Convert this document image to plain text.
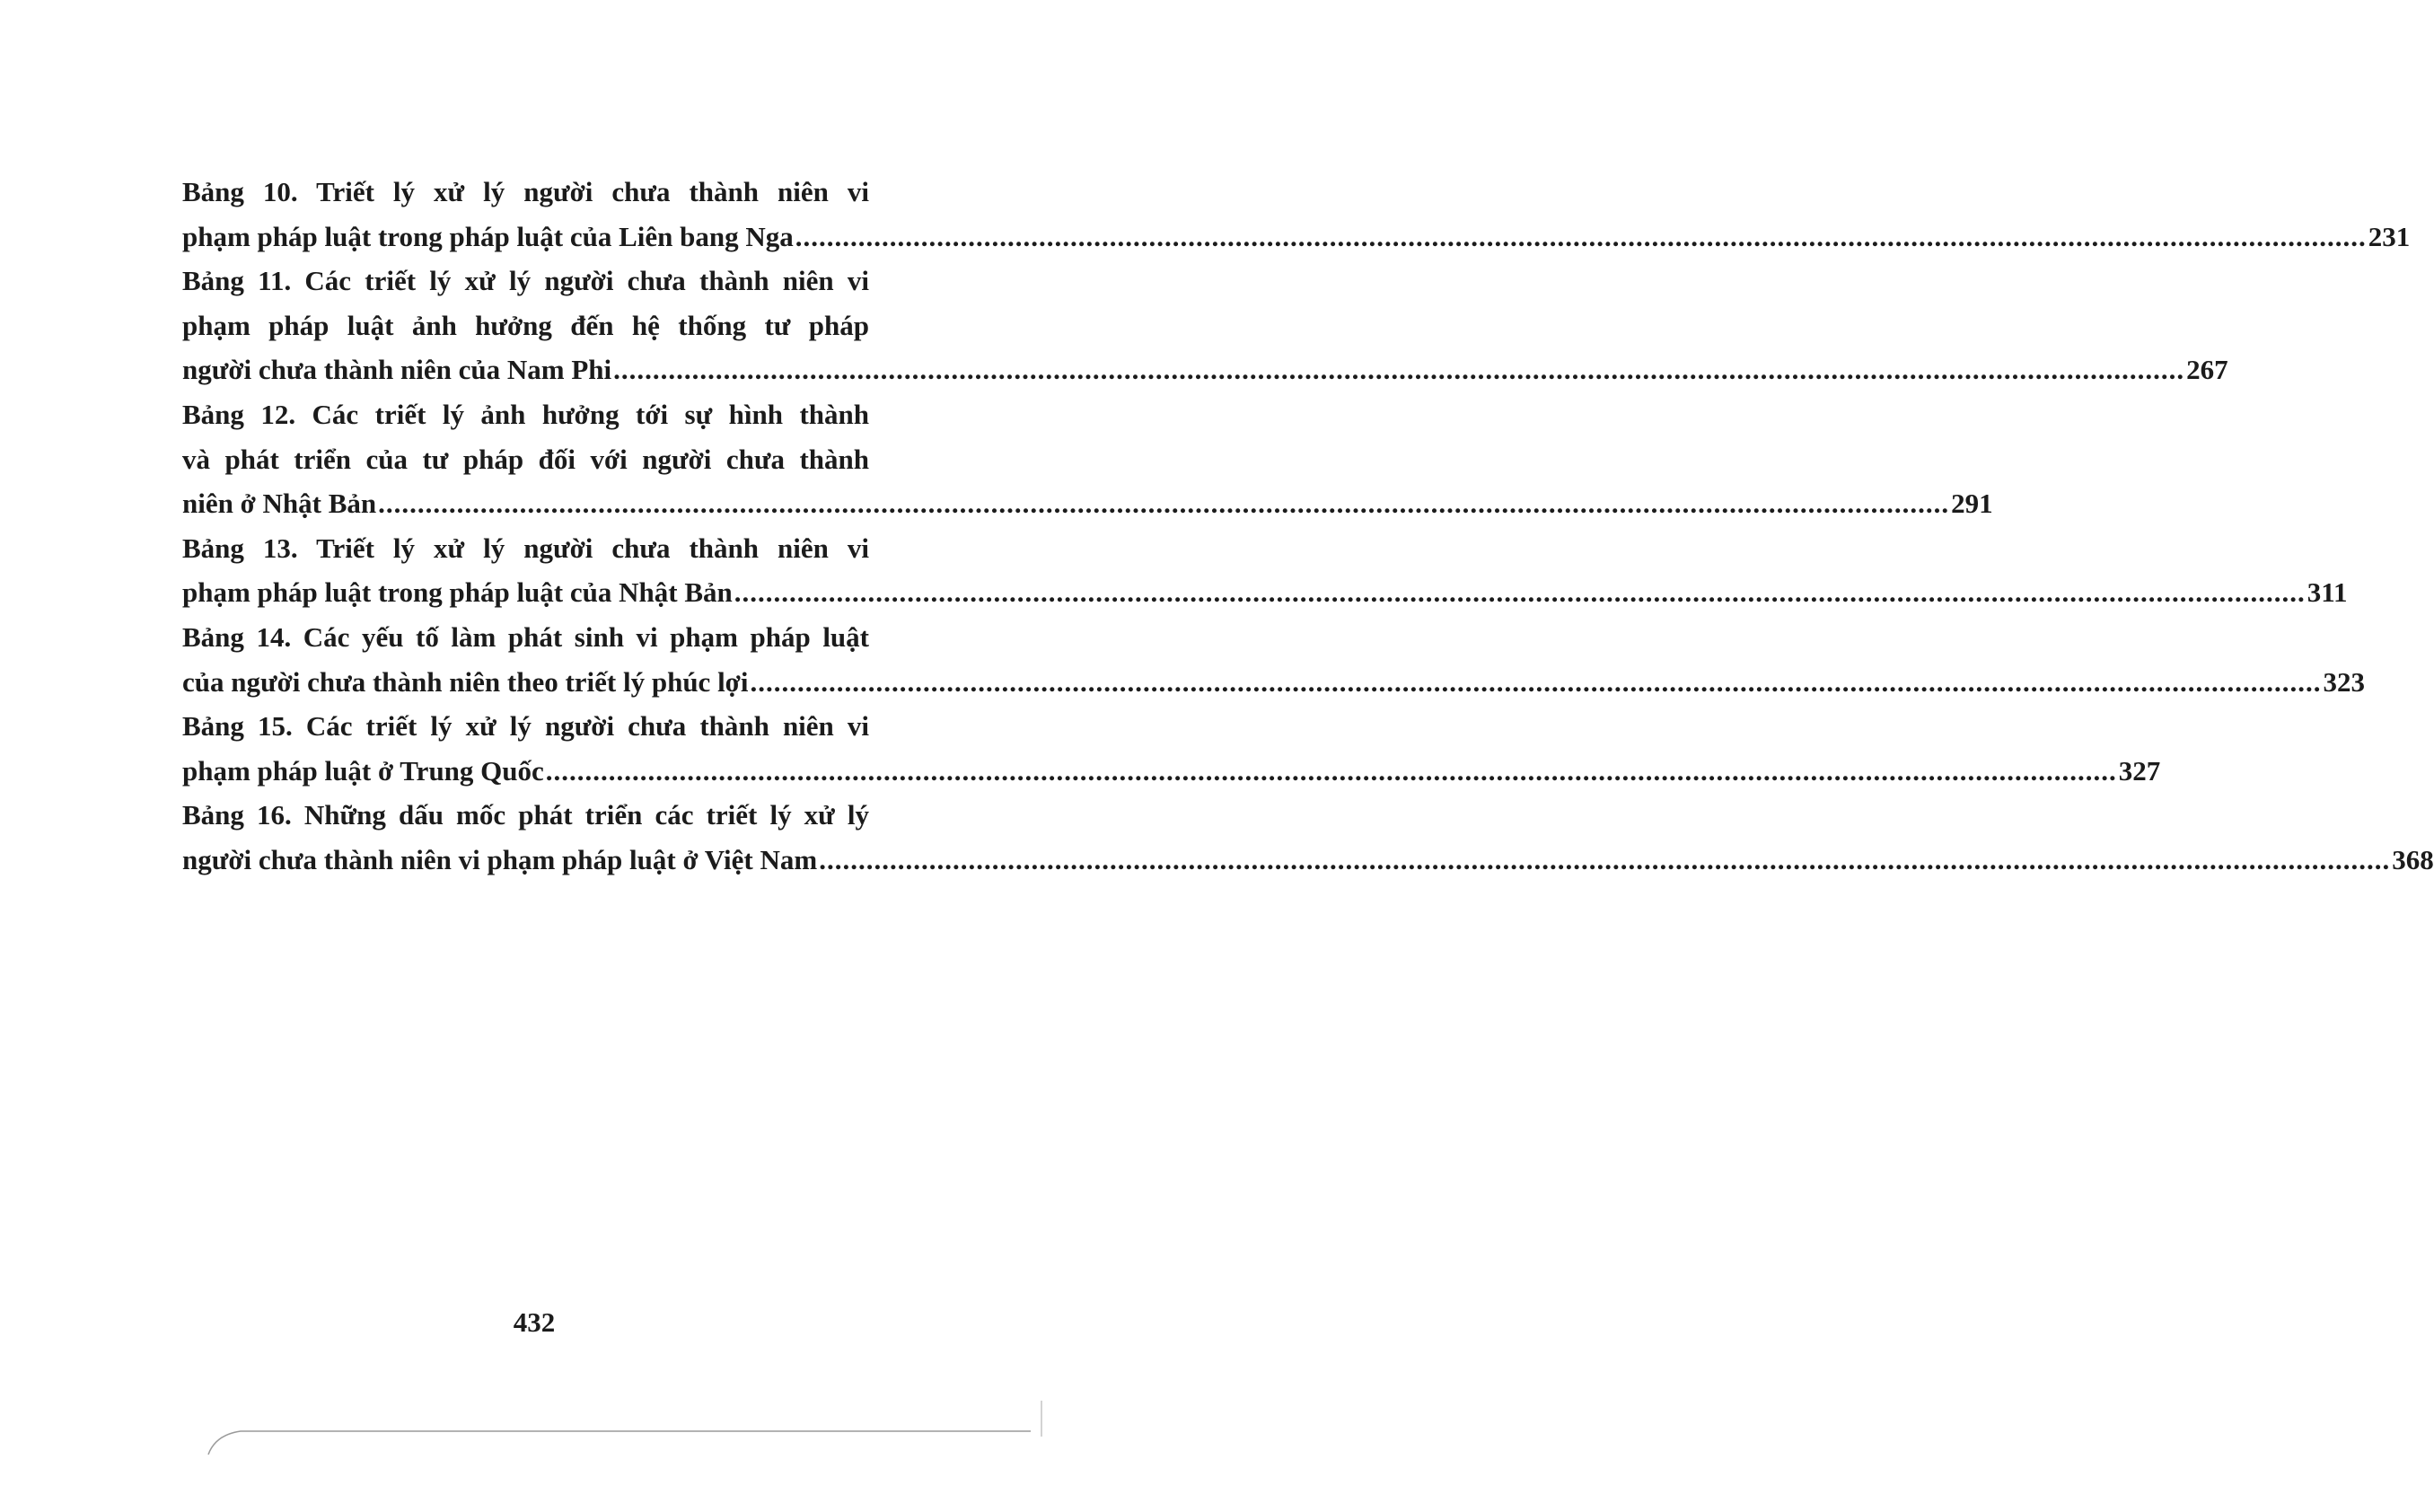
Bảng 10. Triết lý xử lý người chưa thành niên vi
phạm pháp luật trong pháp luật của Liên bang Nga ........................................................................................................................................................................................................ 231
Bảng 11. Các triết lý xử lý người chưa thành niên vi
phạm pháp luật ảnh hưởng đến hệ thống tư pháp
người chưa thành niên của Nam Phi ........................................................................................................................................................................................................ 267
Bảng 12. Các triết lý ảnh hưởng tới sự hình thành
và phát triển của tư pháp đối với người chưa thành
niên ở Nhật Bản ........................................................................................................................................................................................................ 291
Bảng 13. Triết lý xử lý người chưa thành niên vi
phạm pháp luật trong pháp luật của Nhật Bản ........................................................................................................................................................................................................ 311
Bảng 14. Các yếu tố làm phát sinh vi phạm pháp luật
của người chưa thành niên theo triết lý phúc lợi ........................................................................................................................................................................................................ 323
Bảng 15. Các triết lý xử lý người chưa thành niên vi
phạm pháp luật ở Trung Quốc ........................................................................................................................................................................................................ 327
Bảng 16. Những dấu mốc phát triển các triết lý xử lý
người chưa thành niên vi phạm pháp luật ở Việt Nam ........................................................................................................................................................................................................ 368
432
